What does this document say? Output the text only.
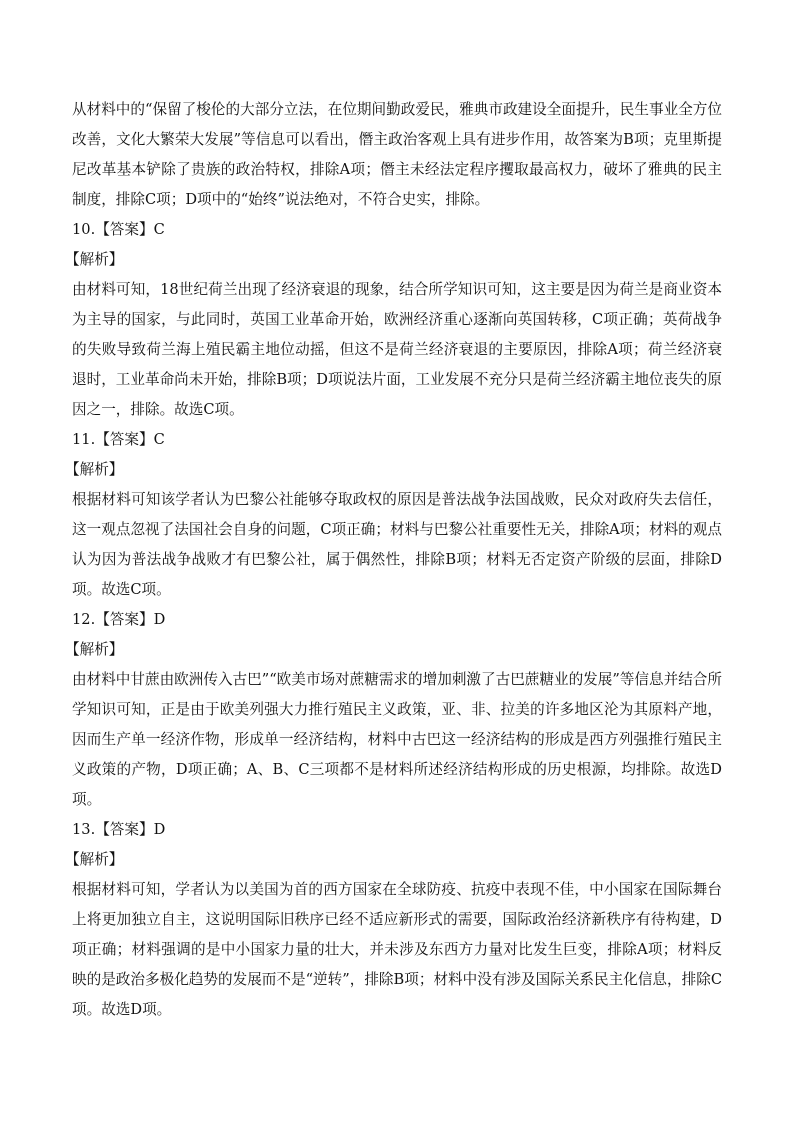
从材料中的“保留了梭伦的大部分立法，在位期间勤政爱民，雅典市政建设全面提升，民生事业全方位改善，文化大繁荣大发展”等信息可以看出，僭主政治客观上具有进步作用，故答案为B项；克里斯提尼改革基本铲除了贵族的政治特权，排除A项；僭主未经法定程序攫取最高权力，破坏了雅典的民主制度，排除C项；D项中的“始终”说法绝对，不符合史实，排除。

10.【答案】C

【解析】

由材料可知，18世纪荷兰出现了经济衰退的现象，结合所学知识可知，这主要是因为荷兰是商业资本为主导的国家，与此同时，英国工业革命开始，欧洲经济重心逐渐向英国转移，C项正确；英荷战争的失败导致荷兰海上殖民霸主地位动摇，但这不是荷兰经济衰退的主要原因，排除A项；荷兰经济衰退时，工业革命尚未开始，排除B项；D项说法片面，工业发展不充分只是荷兰经济霸主地位丧失的原因之一，排除。故选C项。

11.【答案】C

【解析】

根据材料可知该学者认为巴黎公社能够夺取政权的原因是普法战争法国战败，民众对政府失去信任，这一观点忽视了法国社会自身的问题，C项正确；材料与巴黎公社重要性无关，排除A项；材料的观点认为因为普法战争战败才有巴黎公社，属于偶然性，排除B项；材料无否定资产阶级的层面，排除D项。故选C项。

12.【答案】D

【解析】

由材料中甘蔗由欧洲传入古巴”“欧美市场对蔗糖需求的增加刺激了古巴蔗糖业的发展”等信息并结合所学知识可知，正是由于欧美列强大力推行殖民主义政策，亚、非、拉美的许多地区沦为其原料产地，因而生产单一经济作物，形成单一经济结构，材料中古巴这一经济结构的形成是西方列强推行殖民主义政策的产物，D项正确；A、B、C三项都不是材料所述经济结构形成的历史根源，均排除。故选D项。

13.【答案】D

【解析】

根据材料可知，学者认为以美国为首的西方国家在全球防疫、抗疫中表现不佳，中小国家在国际舞台上将更加独立自主，这说明国际旧秩序已经不适应新形式的需要，国际政治经济新秩序有待构建，D项正确；材料强调的是中小国家力量的壮大，并未涉及东西方力量对比发生巨变，排除A项；材料反映的是政治多极化趋势的发展而不是“逆转”，排除B项；材料中没有涉及国际关系民主化信息，排除C项。故选D项。
